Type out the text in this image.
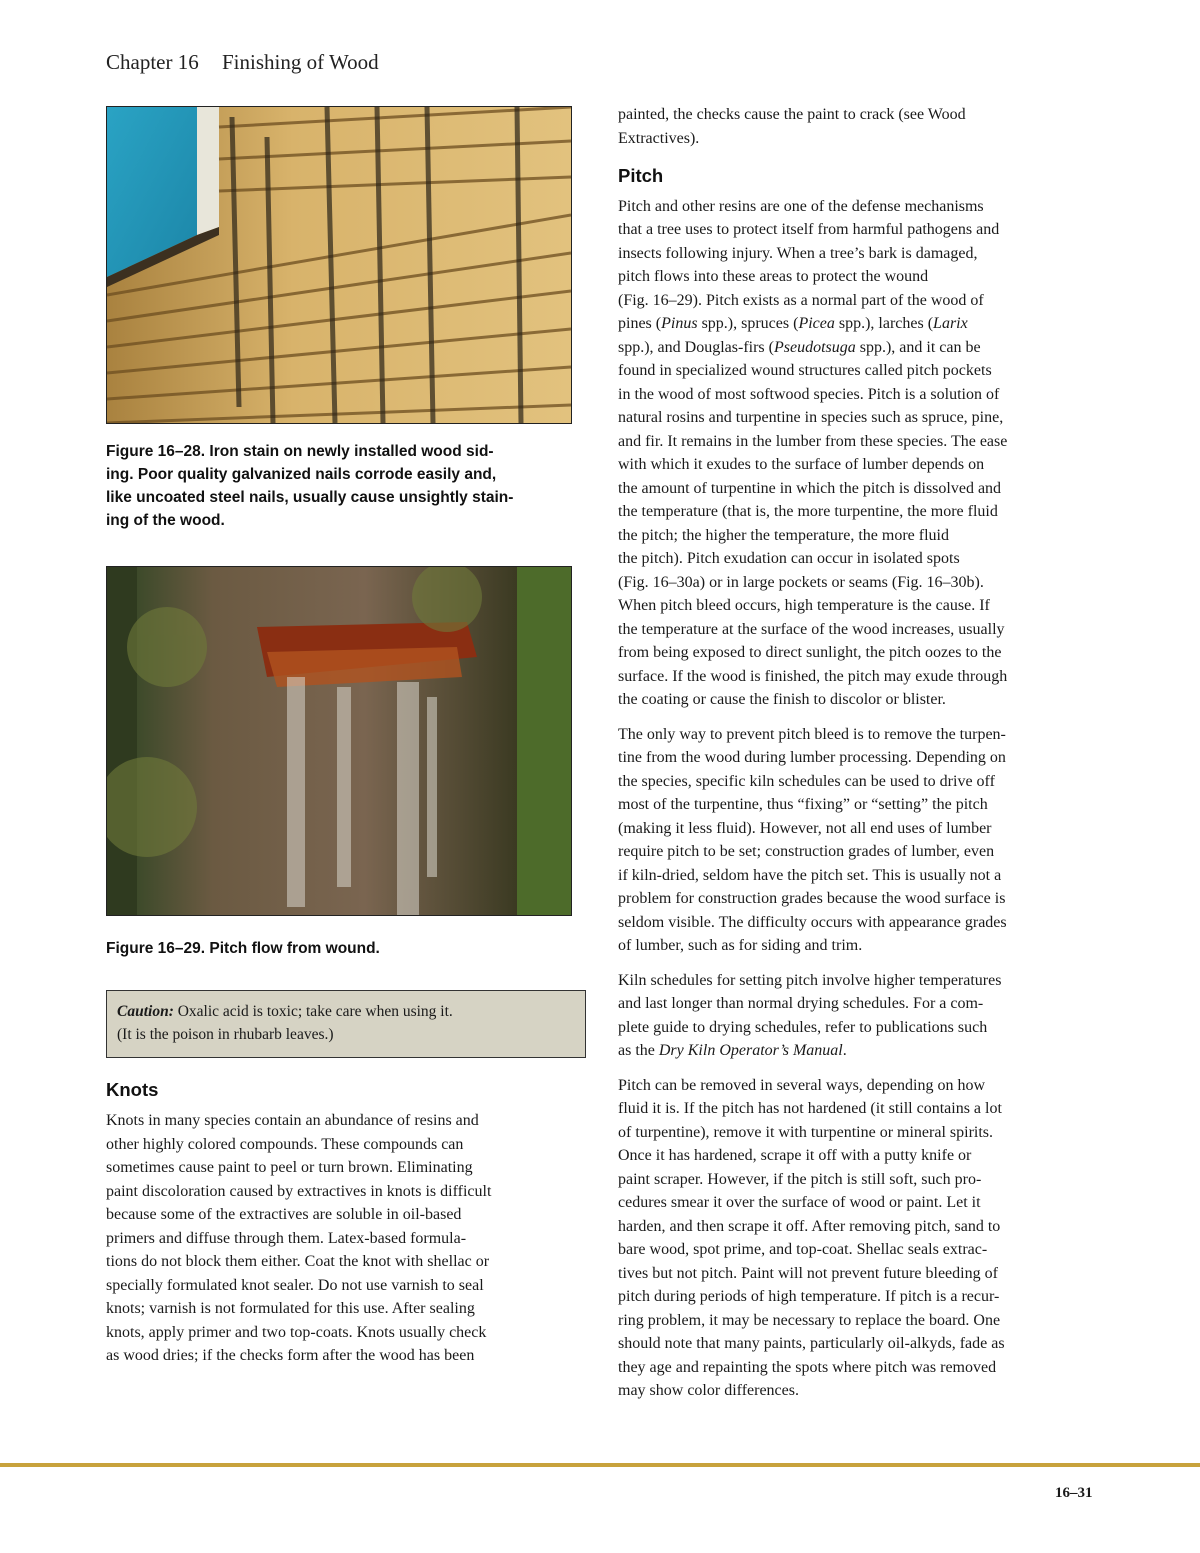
Chapter 16 Finishing of Wood
Figure 16–28. Iron stain on newly installed wood sid-
ing. Poor quality galvanized nails corrode easily and,
like uncoated steel nails, usually cause unsightly stain-
ing of the wood.
Figure 16–29. Pitch flow from wound.
Caution: Oxalic acid is toxic; take care when using it.
(It is the poison in rhubarb leaves.)
Knots
Knots in many species contain an abundance of resins and
other highly colored compounds. These compounds can
sometimes cause paint to peel or turn brown. Eliminating
paint discoloration caused by extractives in knots is difficult
because some of the extractives are soluble in oil-based
primers and diffuse through them. Latex-based formula-
tions do not block them either. Coat the knot with shellac or
specially formulated knot sealer. Do not use varnish to seal
knots; varnish is not formulated for this use. After sealing
knots, apply primer and two top-coats. Knots usually check
as wood dries; if the checks form after the wood has been

painted, the checks cause the paint to crack (see Wood
Extractives).

Pitch

Pitch and other resins are one of the defense mechanisms
that a tree uses to protect itself from harmful pathogens and
insects following injury. When a tree’s bark is damaged,
pitch flows into these areas to protect the wound
(Fig. 16–29). Pitch exists as a normal part of the wood of
pines (Pinus spp.), spruces (Picea spp.), larches (Larix
spp.), and Douglas-firs (Pseudotsuga spp.), and it can be
found in specialized wound structures called pitch pockets
in the wood of most softwood species. Pitch is a solution of
natural rosins and turpentine in species such as spruce, pine,
and fir. It remains in the lumber from these species. The ease
with which it exudes to the surface of lumber depends on
the amount of turpentine in which the pitch is dissolved and
the temperature (that is, the more turpentine, the more fluid
the pitch; the higher the temperature, the more fluid
the pitch). Pitch exudation can occur in isolated spots
(Fig. 16–30a) or in large pockets or seams (Fig. 16–30b).
When pitch bleed occurs, high temperature is the cause. If
the temperature at the surface of the wood increases, usually
from being exposed to direct sunlight, the pitch oozes to the
surface. If the wood is finished, the pitch may exude through
the coating or cause the finish to discolor or blister.

The only way to prevent pitch bleed is to remove the turpen-
tine from the wood during lumber processing. Depending on
the species, specific kiln schedules can be used to drive off
most of the turpentine, thus “fixing” or “setting” the pitch
(making it less fluid). However, not all end uses of lumber
require pitch to be set; construction grades of lumber, even
if kiln-dried, seldom have the pitch set. This is usually not a
problem for construction grades because the wood surface is
seldom visible. The difficulty occurs with appearance grades
of lumber, such as for siding and trim.

Kiln schedules for setting pitch involve higher temperatures
and last longer than normal drying schedules. For a com-
plete guide to drying schedules, refer to publications such
as the Dry Kiln Operator’s Manual.

Pitch can be removed in several ways, depending on how
fluid it is. If the pitch has not hardened (it still contains a lot
of turpentine), remove it with turpentine or mineral spirits.
Once it has hardened, scrape it off with a putty knife or
paint scraper. However, if the pitch is still soft, such pro-
cedures smear it over the surface of wood or paint. Let it
harden, and then scrape it off. After removing pitch, sand to
bare wood, spot prime, and top-coat. Shellac seals extrac-
tives but not pitch. Paint will not prevent future bleeding of
pitch during periods of high temperature. If pitch is a recur-
ring problem, it may be necessary to replace the board. One
should note that many paints, particularly oil-alkyds, fade as
they age and repainting the spots where pitch was removed
may show color differences.

16–31
